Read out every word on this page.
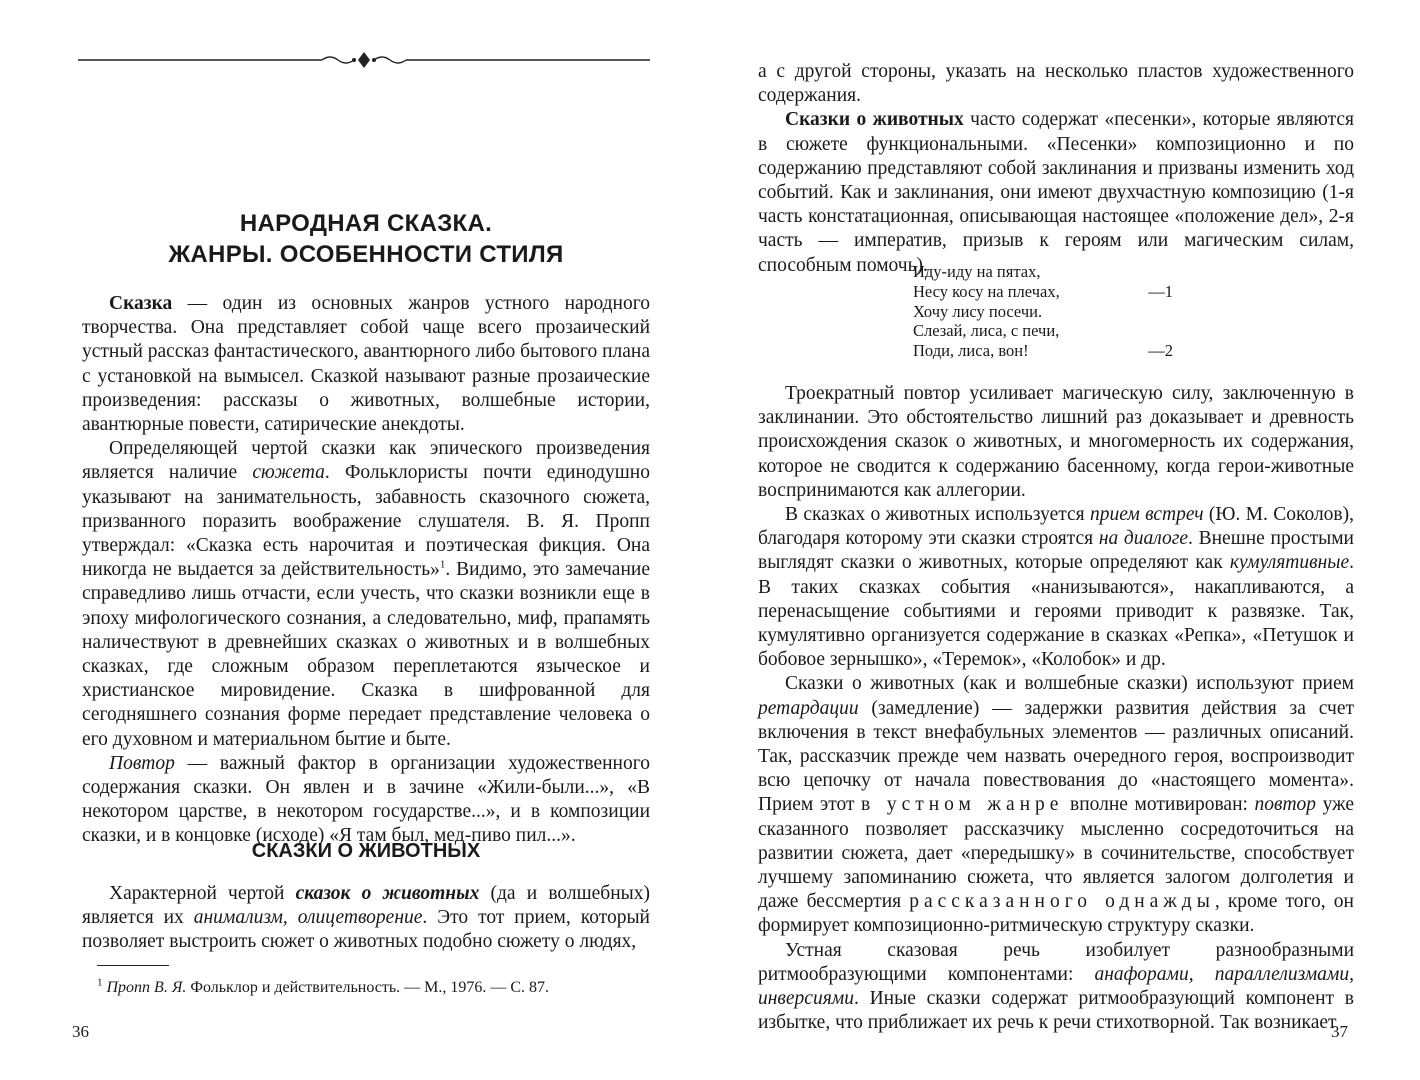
НАРОДНАЯ СКАЗКА.
ЖАНРЫ. ОСОБЕННОСТИ СТИЛЯ

Сказка — один из основных жанров устного народного творчества. Она представляет собой чаще всего прозаический устный рассказ фантастического, авантюрного либо бытового плана с установкой на вымысел. Сказкой называют разные прозаические произведения: рассказы о животных, волшебные истории, авантюрные повести, сатирические анекдоты.

Определяющей чертой сказки как эпического произведения является наличие сюжета. Фольклористы почти единодушно указывают на занимательность, забавность сказочного сюжета, призванного поразить воображение слушателя. В. Я. Пропп утверждал: «Сказка есть нарочитая и поэтическая фикция. Она никогда не выдается за действительность»$^1$. Видимо, это замечание справедливо лишь отчасти, если учесть, что сказки возникли еще в эпоху мифологического сознания, а следовательно, миф, прапамять наличествуют в древнейших сказках о животных и в волшебных сказках, где сложным образом переплетаются языческое и христианское мировидение. Сказка в шифрованной для сегодняшнего сознания форме передает представление человека о его духовном и материальном бытие и быте.

Повтор — важный фактор в организации художественного содержания сказки. Он явлен и в зачине «Жили-были...», «В некотором царстве, в некотором государстве...», и в композиции сказки, и в концовке (исходе) «Я там был, мед-пиво пил...».

СКАЗКИ О ЖИВОТНЫХ

Характерной чертой сказок о животных (да и волшебных) является их анимализм, олицетворение. Это тот прием, который позволяет выстроить сюжет о животных подобно сюжету о людях,

$^1$ Пропп В. Я. Фольклор и действительность. — М., 1976. — С. 87.
36

а с другой стороны, указать на несколько пластов художественного содержания.

Сказки о животных часто содержат «песенки», которые являются в сюжете функциональными. «Песенки» композиционно и по содержанию представляют собой заклинания и призваны изменить ход событий. Как и заклинания, они имеют двухчастную композицию (1-я часть констатационная, описывающая настоящее «положение дел», 2-я часть — императив, призыв к героям или магическим силам, способным помочь).

Иду-иду на пятах,
Несу косу на плечах,	—1
Хочу лису посечи.
Слезай, лиса, с печи,
Поди, лиса, вон!	—2

Троекратный повтор усиливает магическую силу, заключенную в заклинании. Это обстоятельство лишний раз доказывает и древность происхождения сказок о животных, и многомерность их содержания, которое не сводится к содержанию басенному, когда герои-животные воспринимаются как аллегории.

В сказках о животных используется прием встреч (Ю. М. Соколов), благодаря которому эти сказки строятся на диалоге. Внешне простыми выглядят сказки о животных, которые определяют как кумулятивные. В таких сказках события «нанизываются», накапливаются, а перенасыщение событиями и героями приводит к развязке. Так, кумулятивно организуется содержание в сказках «Репка», «Петушок и бобовое зернышко», «Теремок», «Колобок» и др.

Сказки о животных (как и волшебные сказки) используют прием ретардации (замедление) — задержки развития действия за счет включения в текст внефабульных элементов — различных описаний. Так, рассказчик прежде чем назвать очередного героя, воспроизводит всю цепочку от начала повествования до «настоящего момента». Прием этот в устном жанре вполне мотивирован: повтор уже сказанного позволяет рассказчику мысленно сосредоточиться на развитии сюжета, дает «передышку» в сочинительстве, способствует лучшему запоминанию сюжета, что является залогом долголетия и даже бессмертия рассказанного однажды, кроме того, он формирует композиционно-ритмическую структуру сказки.

Устная сказовая речь изобилует разнообразными ритмообразующими компонентами: анафорами, параллелизмами, инверсиями. Иные сказки содержат ритмообразующий компонент в избытке, что приближает их речь к речи стихотворной. Так возникает

37
